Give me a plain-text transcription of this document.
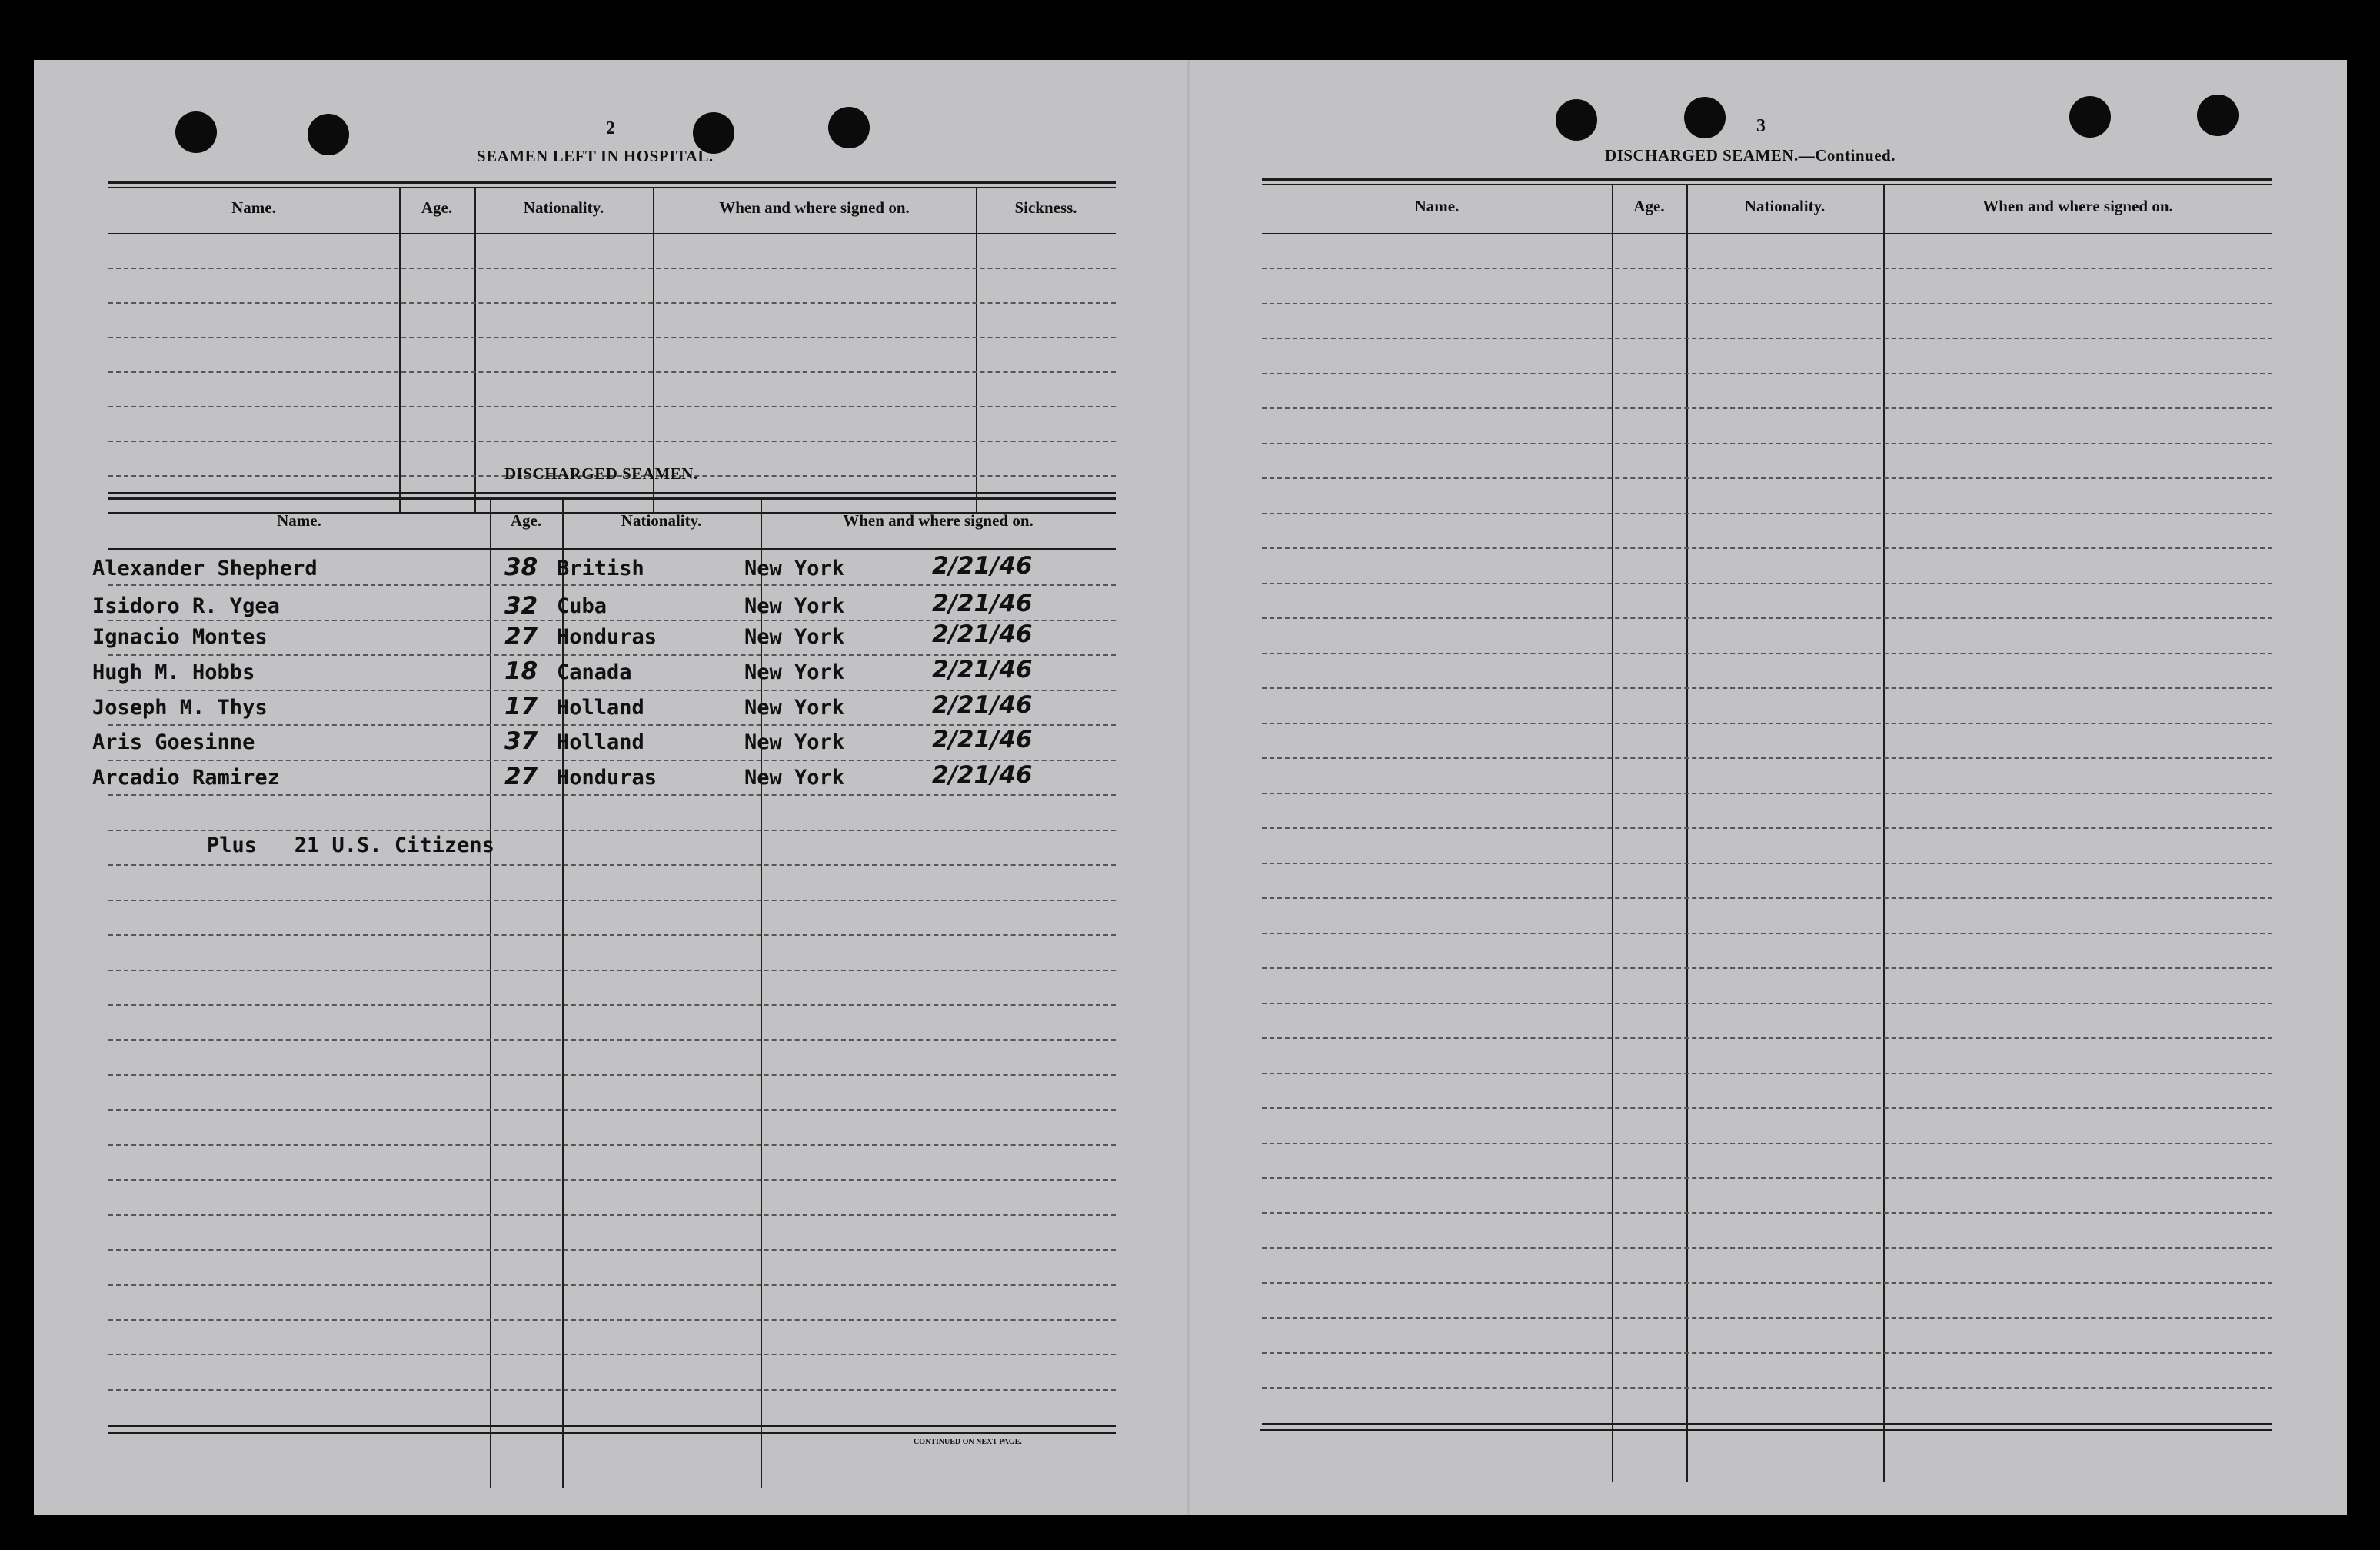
2
SEAMEN LEFT IN HOSPITAL.
Name.	Age.	Nationality.	When and where signed on.	Sickness.
DISCHARGED SEAMEN.
Name.	Age.	Nationality.	When and where signed on.
Alexander Shepherd	38 British	New York	2/21/46
Isidoro R. Ygea	32 Cuba	New York	2/21/46
Ignacio Montes	27 Honduras	New York	2/21/46
Hugh M. Hobbs	18 Canada	New York	2/21/46
Joseph M. Thys	17 Holland	New York	2/21/46
Aris Goesinne	37 Holland	New York	2/21/46
Arcadio Ramirez	27 Honduras	New York	2/21/46
Plus   21 U.S. Citizens
CONTINUED ON NEXT PAGE.
3
DISCHARGED SEAMEN.—Continued.
Name.	Age.	Nationality.	When and where signed on.
